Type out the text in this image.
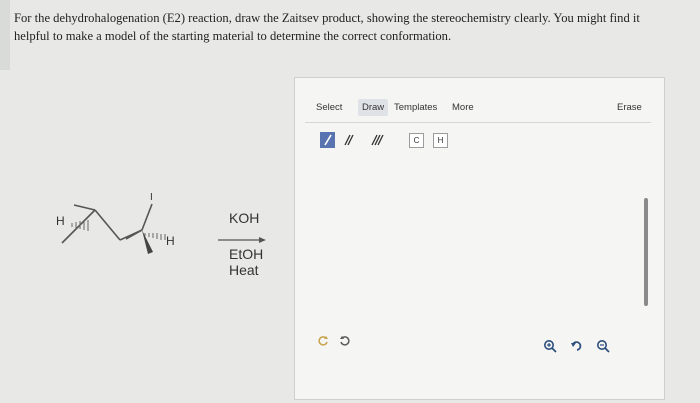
For the dehydrohalogenation (E2) reaction, draw the Zaitsev product, showing the stereochemistry clearly. You might find it
helpful to make a model of the starting material to determine the correct conformation.
H
H
I
KOH
EtOH
Heat
Select	Draw	Templates More	Erase
C	H
